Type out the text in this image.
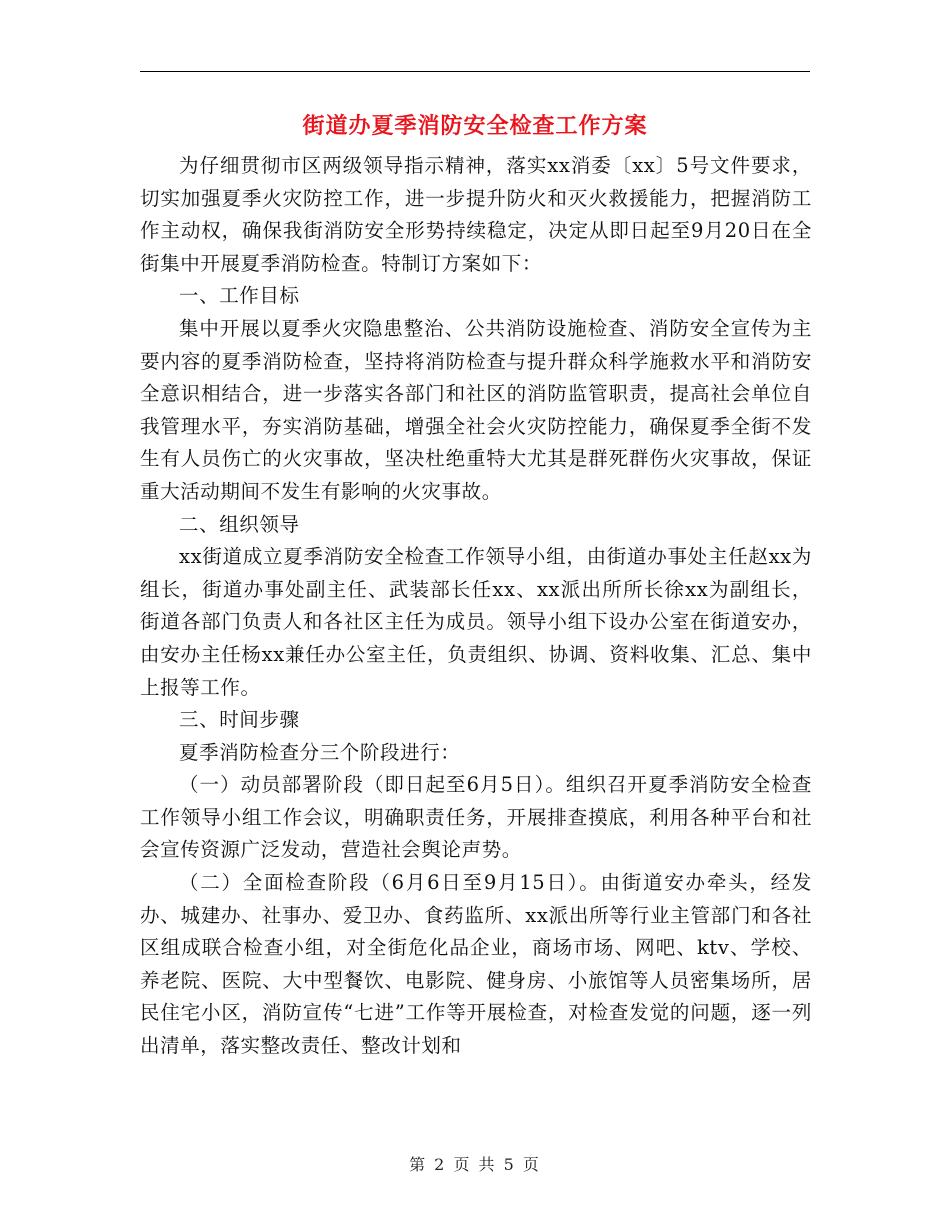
街道办夏季消防安全检查工作方案

为仔细贯彻市区两级领导指示精神，落实xx消委〔xx〕5号文件要求，切实加强夏季火灾防控工作，进一步提升防火和灭火救援能力，把握消防工作主动权，确保我街消防安全形势持续稳定，决定从即日起至9月20日在全街集中开展夏季消防检查。特制订方案如下：

一、工作目标

集中开展以夏季火灾隐患整治、公共消防设施检查、消防安全宣传为主要内容的夏季消防检查，坚持将消防检查与提升群众科学施救水平和消防安全意识相结合，进一步落实各部门和社区的消防监管职责，提高社会单位自我管理水平，夯实消防基础，增强全社会火灾防控能力，确保夏季全街不发生有人员伤亡的火灾事故，坚决杜绝重特大尤其是群死群伤火灾事故，保证重大活动期间不发生有影响的火灾事故。

二、组织领导

xx街道成立夏季消防安全检查工作领导小组，由街道办事处主任赵xx为组长，街道办事处副主任、武装部长任xx、xx派出所所长徐xx为副组长，街道各部门负责人和各社区主任为成员。领导小组下设办公室在街道安办，由安办主任杨xx兼任办公室主任，负责组织、协调、资料收集、汇总、集中上报等工作。

三、时间步骤

夏季消防检查分三个阶段进行：

（一）动员部署阶段（即日起至6月5日）。组织召开夏季消防安全检查工作领导小组工作会议，明确职责任务，开展排查摸底，利用各种平台和社会宣传资源广泛发动，营造社会舆论声势。

（二）全面检查阶段（6月6日至9月15日）。由街道安办牵头，经发办、城建办、社事办、爱卫办、食药监所、xx派出所等行业主管部门和各社区组成联合检查小组，对全街危化品企业，商场市场、网吧、ktv、学校、养老院、医院、大中型餐饮、电影院、健身房、小旅馆等人员密集场所，居民住宅小区，消防宣传“七进”工作等开展检查，对检查发觉的问题，逐一列出清单，落实整改责任、整改计划和

第 2 页 共 5 页
